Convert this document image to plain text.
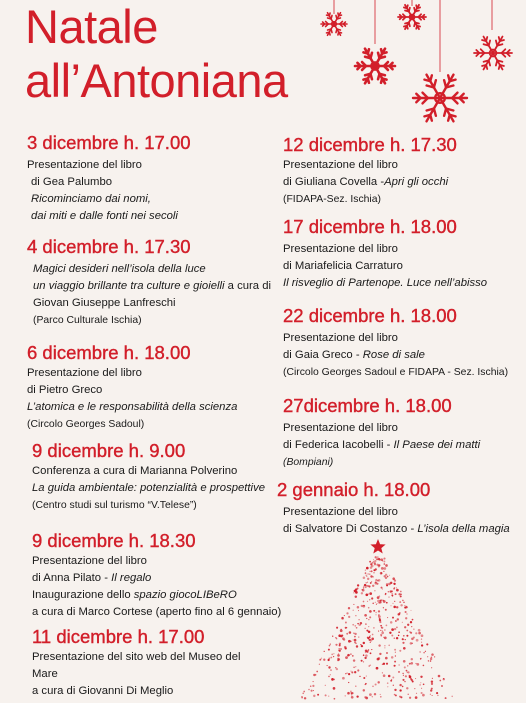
Natale
all’Antoniana
3 dicembre h. 17.00
Presentazione del libro
di Gea Palumbo
Ricominciamo dai nomi,
dai miti e dalle fonti nei secoli
4 dicembre h. 17.30
Magici desideri nell’isola della luce
un viaggio brillante tra culture e gioielli a cura di
Giovan Giuseppe Lanfreschi
(Parco Culturale Ischia)
6 dicembre h. 18.00
Presentazione del libro
di Pietro Greco
L’atomica e le responsabilità della scienza
(Circolo Georges Sadoul)
9 dicembre h. 9.00
Conferenza a cura di Marianna Polverino
La guida ambientale: potenzialità e prospettive
(Centro studi sul turismo “V.Telese”)
9 dicembre h. 18.30
Presentazione del libro
di Anna Pilato - Il regalo
Inaugurazione dello spazio giocoLIBeRO
a cura di Marco Cortese (aperto fino al 6 gennaio)
11 dicembre h. 17.00
Presentazione del sito web del Museo del
Mare
a cura di Giovanni Di Meglio
12 dicembre h. 17.30
Presentazione del libro
di Giuliana Covella -Apri gli occhi
(FIDAPA-Sez. Ischia)
17 dicembre h. 18.00
Presentazione del libro
di Mariafelicia Carraturo
Il risveglio di Partenope. Luce nell’abisso
22 dicembre h. 18.00
Presentazione del libro
di Gaia Greco - Rose di sale
(Circolo Georges Sadoul e FIDAPA - Sez. Ischia)
27dicembre h. 18.00
Presentazione del libro
di Federica Iacobelli - Il Paese dei matti
(Bompiani)
2 gennaio h. 18.00
Presentazione del libro
di Salvatore Di Costanzo - L’isola della magia
